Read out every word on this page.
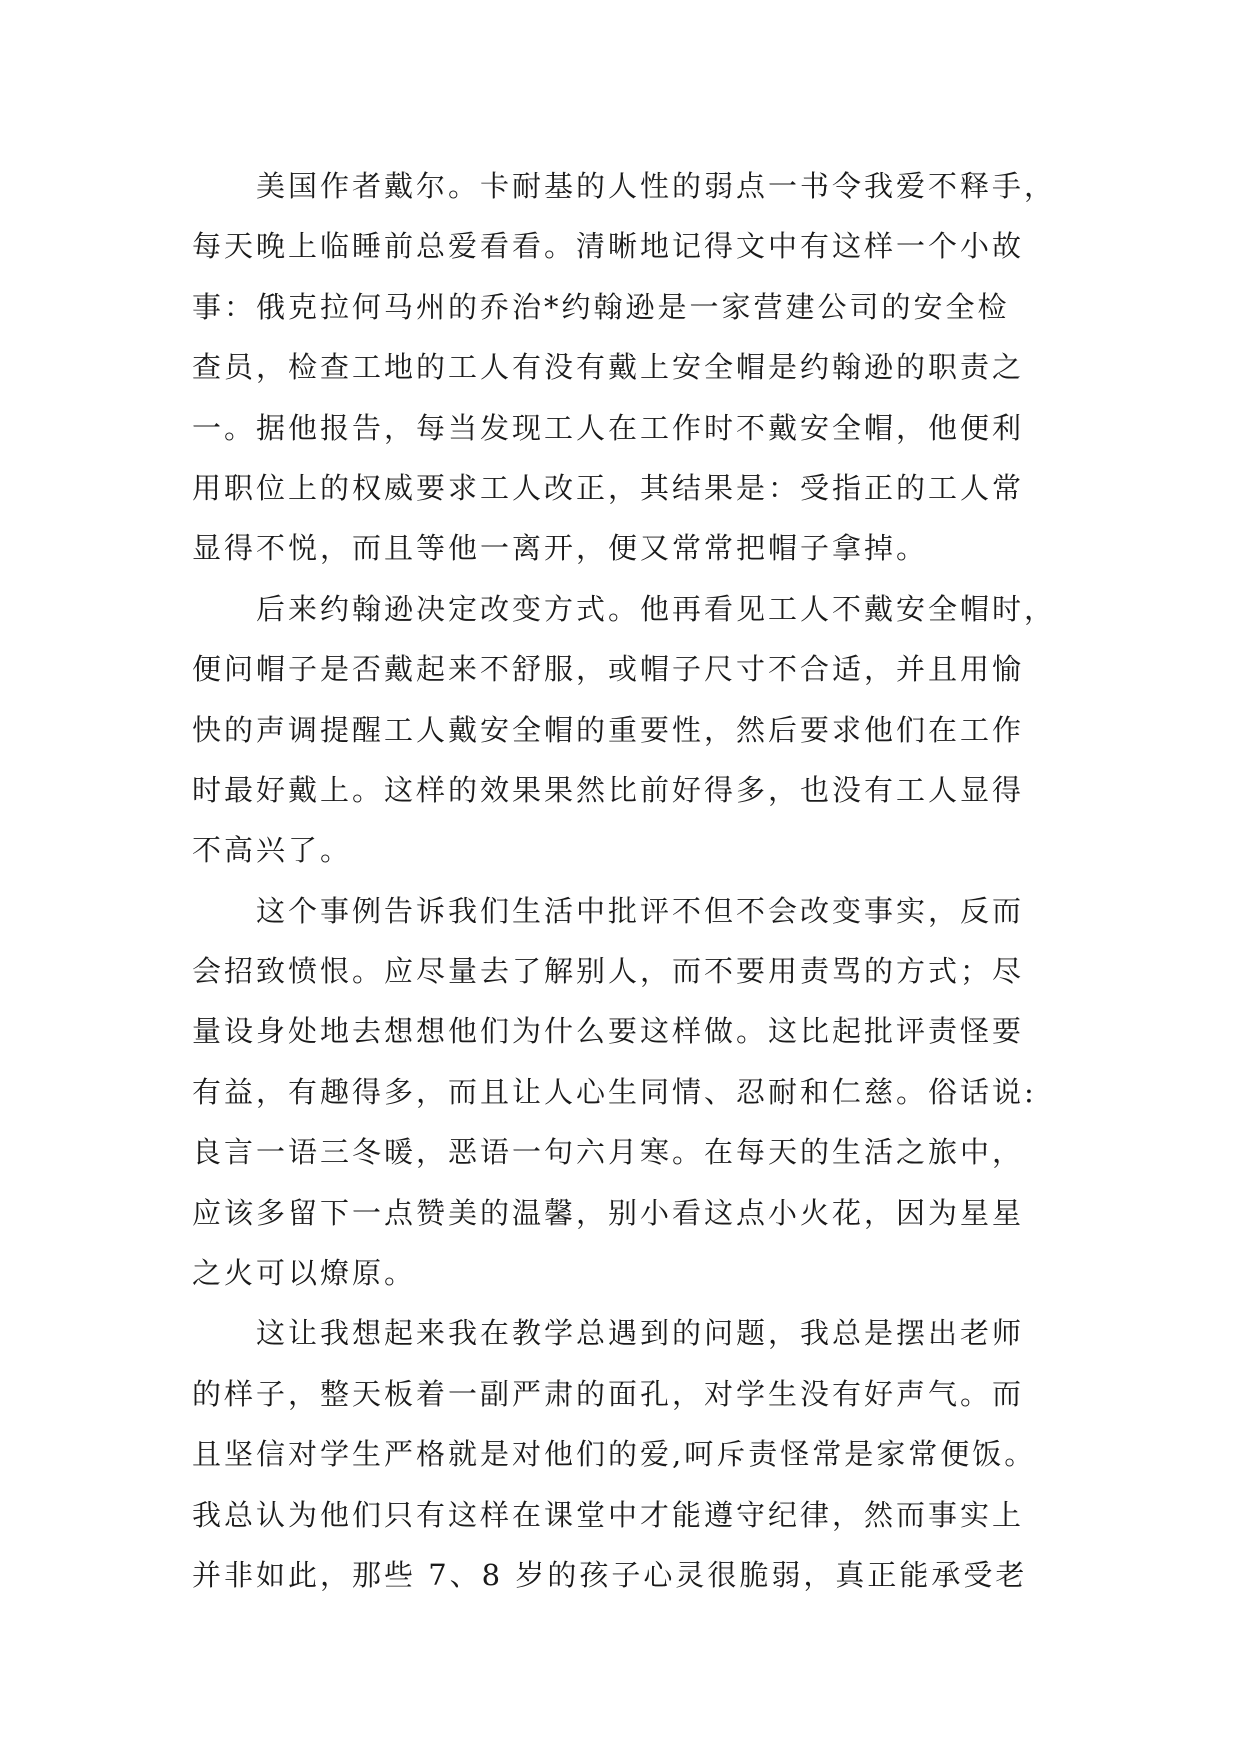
美国作者戴尔。卡耐基的人性的弱点一书令我爱不释手，
每天晚上临睡前总爱看看。清晰地记得文中有这样一个小故
事：俄克拉何马州的乔治*约翰逊是一家营建公司的安全检
查员，检查工地的工人有没有戴上安全帽是约翰逊的职责之
一。据他报告，每当发现工人在工作时不戴安全帽，他便利
用职位上的权威要求工人改正，其结果是：受指正的工人常
显得不悦，而且等他一离开，便又常常把帽子拿掉。

后来约翰逊决定改变方式。他再看见工人不戴安全帽时，
便问帽子是否戴起来不舒服，或帽子尺寸不合适，并且用愉
快的声调提醒工人戴安全帽的重要性，然后要求他们在工作
时最好戴上。这样的效果果然比前好得多，也没有工人显得
不高兴了。

这个事例告诉我们生活中批评不但不会改变事实，反而
会招致愤恨。应尽量去了解别人，而不要用责骂的方式；尽
量设身处地去想想他们为什么要这样做。这比起批评责怪要
有益，有趣得多，而且让人心生同情、忍耐和仁慈。俗话说:
良言一语三冬暖，恶语一句六月寒。在每天的生活之旅中，
应该多留下一点赞美的温馨，别小看这点小火花，因为星星
之火可以燎原。

这让我想起来我在教学总遇到的问题，我总是摆出老师
的样子，整天板着一副严肃的面孔，对学生没有好声气。而
且坚信对学生严格就是对他们的爱,呵斥责怪常是家常便饭。
我总认为他们只有这样在课堂中才能遵守纪律，然而事实上
并非如此，那些 7、8 岁的孩子心灵很脆弱，真正能承受老
